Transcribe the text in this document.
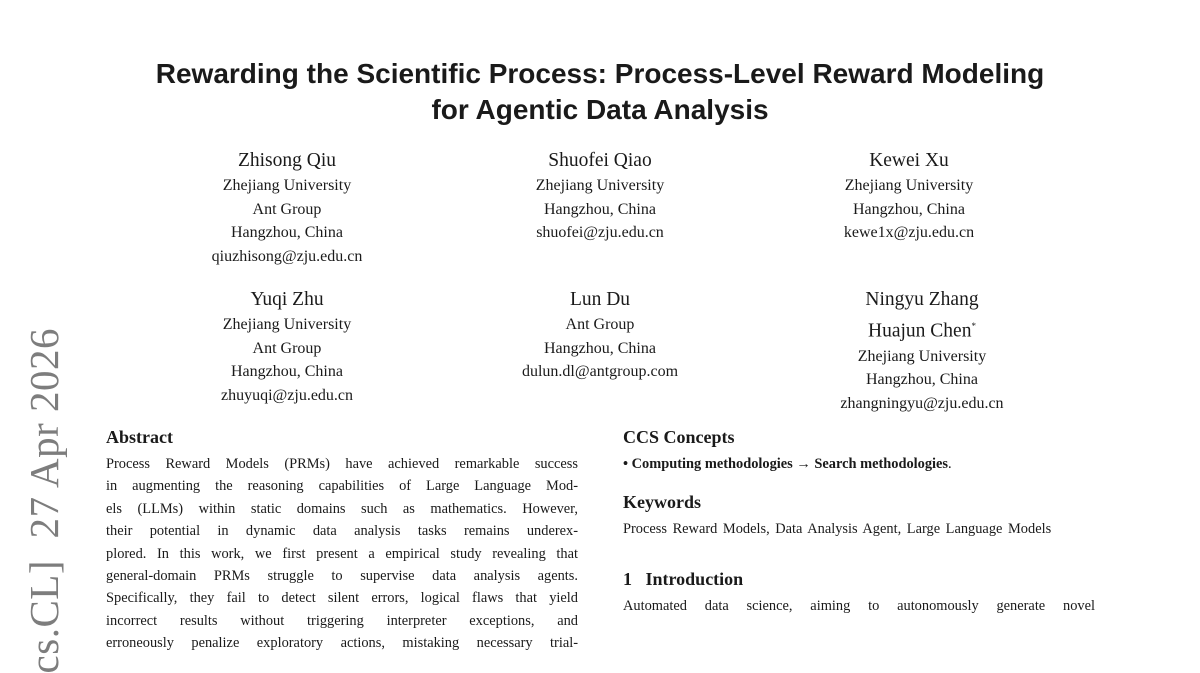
Rewarding the Scientific Process: Process-Level Reward Modeling
for Agentic Data Analysis
Zhisong Qiu
Zhejiang University
Ant Group
Hangzhou, China
qiuzhisong@zju.edu.cn
Shuofei Qiao
Zhejiang University
Hangzhou, China
shuofei@zju.edu.cn
Kewei Xu
Zhejiang University
Hangzhou, China
kewe1x@zju.edu.cn
Yuqi Zhu
Zhejiang University
Ant Group
Hangzhou, China
zhuyuqi@zju.edu.cn
Lun Du
Ant Group
Hangzhou, China
dulun.dl@antgroup.com
Ningyu Zhang
Huajun Chen*
Zhejiang University
Hangzhou, China
zhangningyu@zju.edu.cn
cs.CL]  27 Apr 2026 Abstract
Process Reward Models (PRMs) have achieved remarkable success
in augmenting the reasoning capabilities of Large Language Mod-
els (LLMs) within static domains such as mathematics. However,
their potential in dynamic data analysis tasks remains underex-
plored. In this work, we first present a empirical study revealing that
general-domain PRMs struggle to supervise data analysis agents.
Specifically, they fail to detect silent errors, logical flaws that yield
incorrect results without triggering interpreter exceptions, and
erroneously penalize exploratory actions, mistaking necessary trial-
CCS Concepts
• Computing methodologies → Search methodologies.
Keywords
Process Reward Models, Data Analysis Agent, Large Language Models
1 Introduction
Automated data science, aiming to autonomously generate novel
